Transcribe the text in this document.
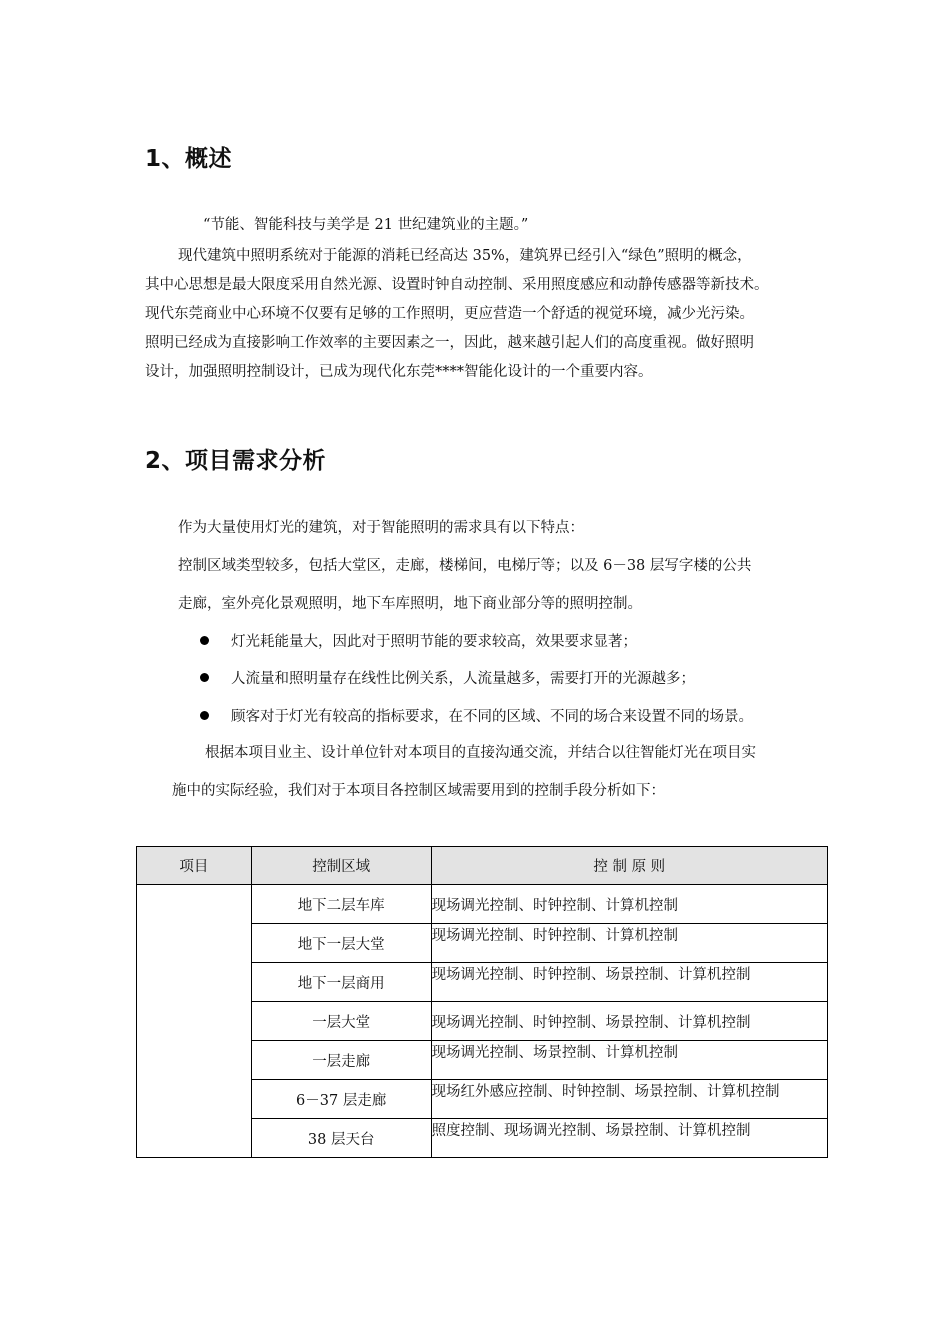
1、概述

“节能、智能科技与美学是 21 世纪建筑业的主题。”

现代建筑中照明系统对于能源的消耗已经高达 35%，建筑界已经引入“绿色”照明的概念，

其中心思想是最大限度采用自然光源、设置时钟自动控制、采用照度感应和动静传感器等新技术。

现代东莞商业中心环境不仅要有足够的工作照明，更应营造一个舒适的视觉环境，减少光污染。

照明已经成为直接影响工作效率的主要因素之一，因此，越来越引起人们的高度重视。做好照明

设计，加强照明控制设计，已成为现代化东莞****智能化设计的一个重要内容。

2、项目需求分析

作为大量使用灯光的建筑，对于智能照明的需求具有以下特点：

控制区域类型较多，包括大堂区，走廊，楼梯间，电梯厅等；以及 6－38 层写字楼的公共

走廊，室外亮化景观照明，地下车库照明，地下商业部分等的照明控制。

灯光耗能量大，因此对于照明节能的要求较高，效果要求显著；
人流量和照明量存在线性比例关系，人流量越多，需要打开的光源越多；
顾客对于灯光有较高的指标要求，在不同的区域、不同的场合来设置不同的场景。

根据本项目业主、设计单位针对本项目的直接沟通交流，并结合以往智能灯光在项目实

施中的实际经验，我们对于本项目各控制区域需要用到的控制手段分析如下：

项目	控制区域	控 制 原 则
	地下二层车库	现场调光控制、时钟控制、计算机控制
	地下一层大堂	现场调光控制、时钟控制、计算机控制
	地下一层商用	现场调光控制、时钟控制、场景控制、计算机控制
	一层大堂	现场调光控制、时钟控制、场景控制、计算机控制
	一层走廊	现场调光控制、场景控制、计算机控制
	6－37 层走廊	现场红外感应控制、时钟控制、场景控制、计算机控制
	38 层天台	照度控制、现场调光控制、场景控制、计算机控制
